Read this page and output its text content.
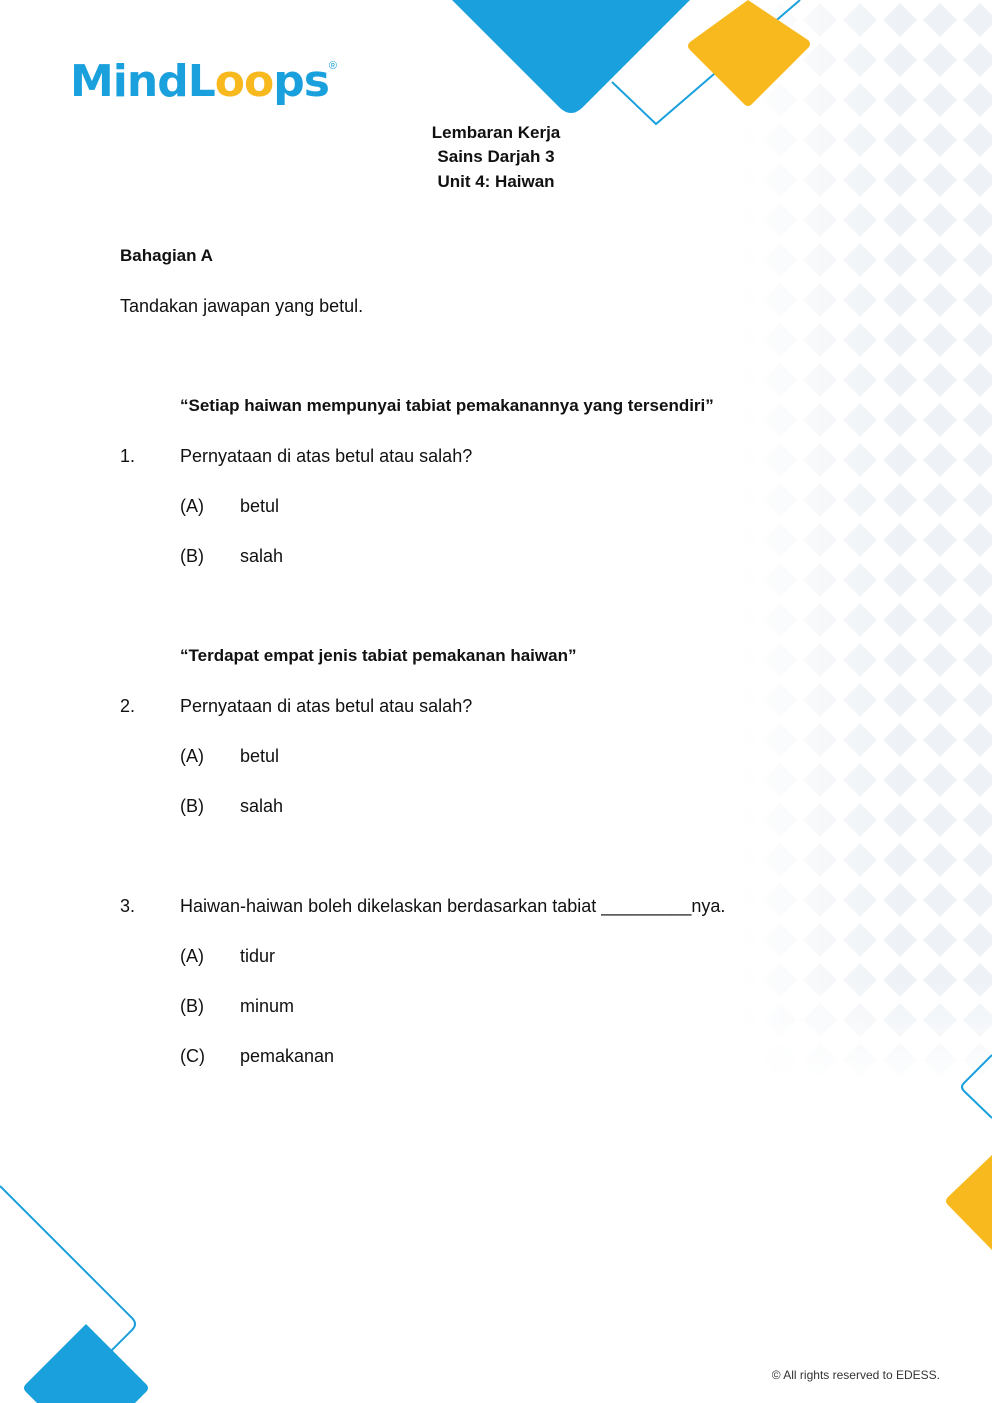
MindLoops®
Lembaran Kerja
Sains Darjah 3
Unit 4: Haiwan
Bahagian A
Tandakan jawapan yang betul.
“Setiap haiwan mempunyai tabiat pemakanannya yang tersendiri”
1. Pernyataan di atas betul atau salah?
(A) betul
(B) salah
“Terdapat empat jenis tabiat pemakanan haiwan”
2. Pernyataan di atas betul atau salah?
(A) betul
(B) salah
3. Haiwan-haiwan boleh dikelaskan berdasarkan tabiat _________nya.
(A) tidur
(B) minum
(C) pemakanan
© All rights reserved to EDESS.
